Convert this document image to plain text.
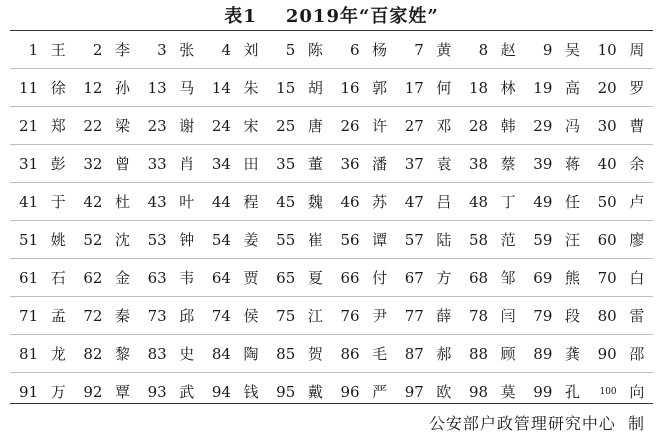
表1    2019年“百家姓”
1	王	2	李	3	张	4	刘	5	陈	6	杨	7	黄	8	赵	9	吴	10	周
11	徐	12	孙	13	马	14	朱	15	胡	16	郭	17	何	18	林	19	高	20	罗
21	郑	22	梁	23	谢	24	宋	25	唐	26	许	27	邓	28	韩	29	冯	30	曹
31	彭	32	曾	33	肖	34	田	35	董	36	潘	37	袁	38	蔡	39	蒋	40	余
41	于	42	杜	43	叶	44	程	45	魏	46	苏	47	吕	48	丁	49	任	50	卢
51	姚	52	沈	53	钟	54	姜	55	崔	56	谭	57	陆	58	范	59	汪	60	廖
61	石	62	金	63	韦	64	贾	65	夏	66	付	67	方	68	邹	69	熊	70	白
71	孟	72	秦	73	邱	74	侯	75	江	76	尹	77	薛	78	闫	79	段	80	雷
81	龙	82	黎	83	史	84	陶	85	贺	86	毛	87	郝	88	顾	89	龚	90	邵
91	万	92	覃	93	武	94	钱	95	戴	96	严	97	欧	98	莫	99	孔	100	向
公安部户政管理研究中心  制
